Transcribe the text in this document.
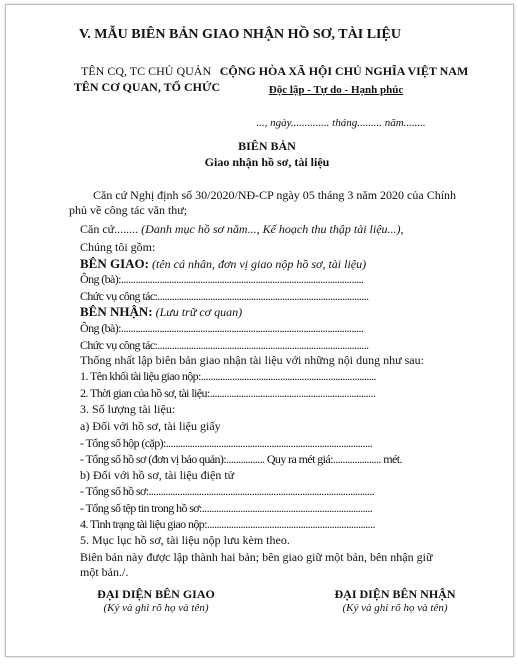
V. MẪU BIÊN BẢN GIAO NHẬN HỒ SƠ, TÀI LIỆU
TÊN CQ, TC CHỦ QUẢN
TÊN CƠ QUAN, TỔ CHỨC
CỘNG HÒA XÃ HỘI CHỦ NGHĨA VIỆT NAM
Độc lập - Tự do - Hạnh phúc
..., ngày.............. tháng......... năm........
BIÊN BẢN
Giao nhận hồ sơ, tài liệu
Căn cứ Nghị định số 30/2020/NĐ-CP ngày 05 tháng 3 năm 2020 của Chính
phủ về công tác văn thư;
Căn cứ........ (Danh mục hồ sơ năm..., Kế hoạch thu thập tài liệu...),
Chúng tôi gồm:
BÊN GIAO: (tên cá nhân, đơn vị giao nộp hồ sơ, tài liệu)
Ông (bà):.....................................................................................................
Chức vụ công tác:........................................................................................
BÊN NHẬN: (Lưu trữ cơ quan)
Ông (bà):.....................................................................................................
Chức vụ công tác:........................................................................................
Thống nhất lập biên bản giao nhận tài liệu với những nội dung như sau:
1. Tên khối tài liệu giao nộp:.........................................................................
2. Thời gian của hồ sơ, tài liệu:.....................................................................
3. Số lượng tài liệu:
a) Đối với hồ sơ, tài liệu giấy
- Tổng số hộp (cặp):......................................................................................
- Tổng số hồ sơ (đơn vị bảo quản):................ Quy ra mét giá:.................... mét.
b) Đối với hồ sơ, tài liệu điện tử
- Tổng số hồ sơ:..............................................................................................
- Tổng số tệp tin trong hồ sơ:.......................................................................
4. Tình trạng tài liệu giao nộp:......................................................................
5. Mục lục hồ sơ, tài liệu nộp lưu kèm theo.
Biên bản này được lập thành hai bản; bên giao giữ một bản, bên nhận giữ
một bản./.
ĐẠI DIỆN BÊN GIAO
(Ký và ghi rõ họ và tên)
ĐẠI DIỆN BÊN NHẬN
(Ký và ghi rõ họ và tên)
